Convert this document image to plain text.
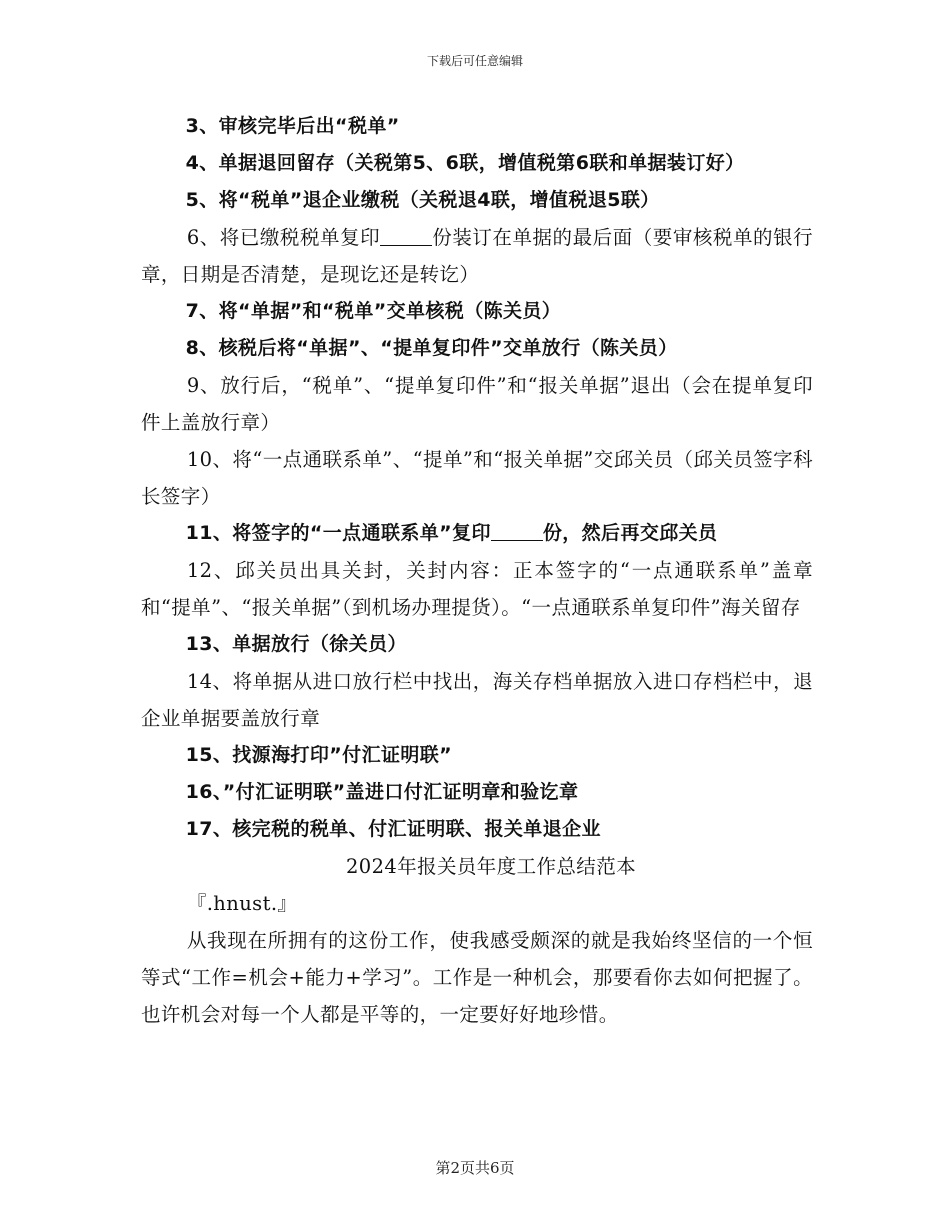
下载后可任意编辑

3、审核完毕后出“税单”

4、单据退回留存（关税第5、6联，增值税第6联和单据装订好）

5、将“税单”退企业缴税（关税退4联，增值税退5联）

6、将已缴税税单复印	份装订在单据的最后面（要审核税单的银行章，日期是否清楚，是现讫还是转讫）

7、将“单据”和“税单”交单核税（陈关员）

8、核税后将“单据”、“提单复印件”交单放行（陈关员）

9、放行后，“税单”、“提单复印件”和“报关单据”退出（会在提单复印件上盖放行章）

10、将“一点通联系单”、“提单”和“报关单据”交邱关员（邱关员签字科长签字）

11、将签字的“一点通联系单”复印	份，然后再交邱关员

12、邱关员出具关封，关封内容：正本签字的“一点通联系单”盖章和“提单”、“报关单据”（到机场办理提货）。“一点通联系单复印件”海关留存

13、单据放行（徐关员）

14、将单据从进口放行栏中找出，海关存档单据放入进口存档栏中，退企业单据要盖放行章

15、找源海打印”付汇证明联”

16、”付汇证明联”盖进口付汇证明章和验讫章

17、核完税的税单、付汇证明联、报关单退企业

2024年报关员年度工作总结范本

『.hnust.』

从我现在所拥有的这份工作，使我感受颇深的就是我始终坚信的一个恒等式“工作=机会+能力+学习”。工作是一种机会，那要看你去如何把握了。也许机会对每一个人都是平等的，一定要好好地珍惜。

第2页共6页
